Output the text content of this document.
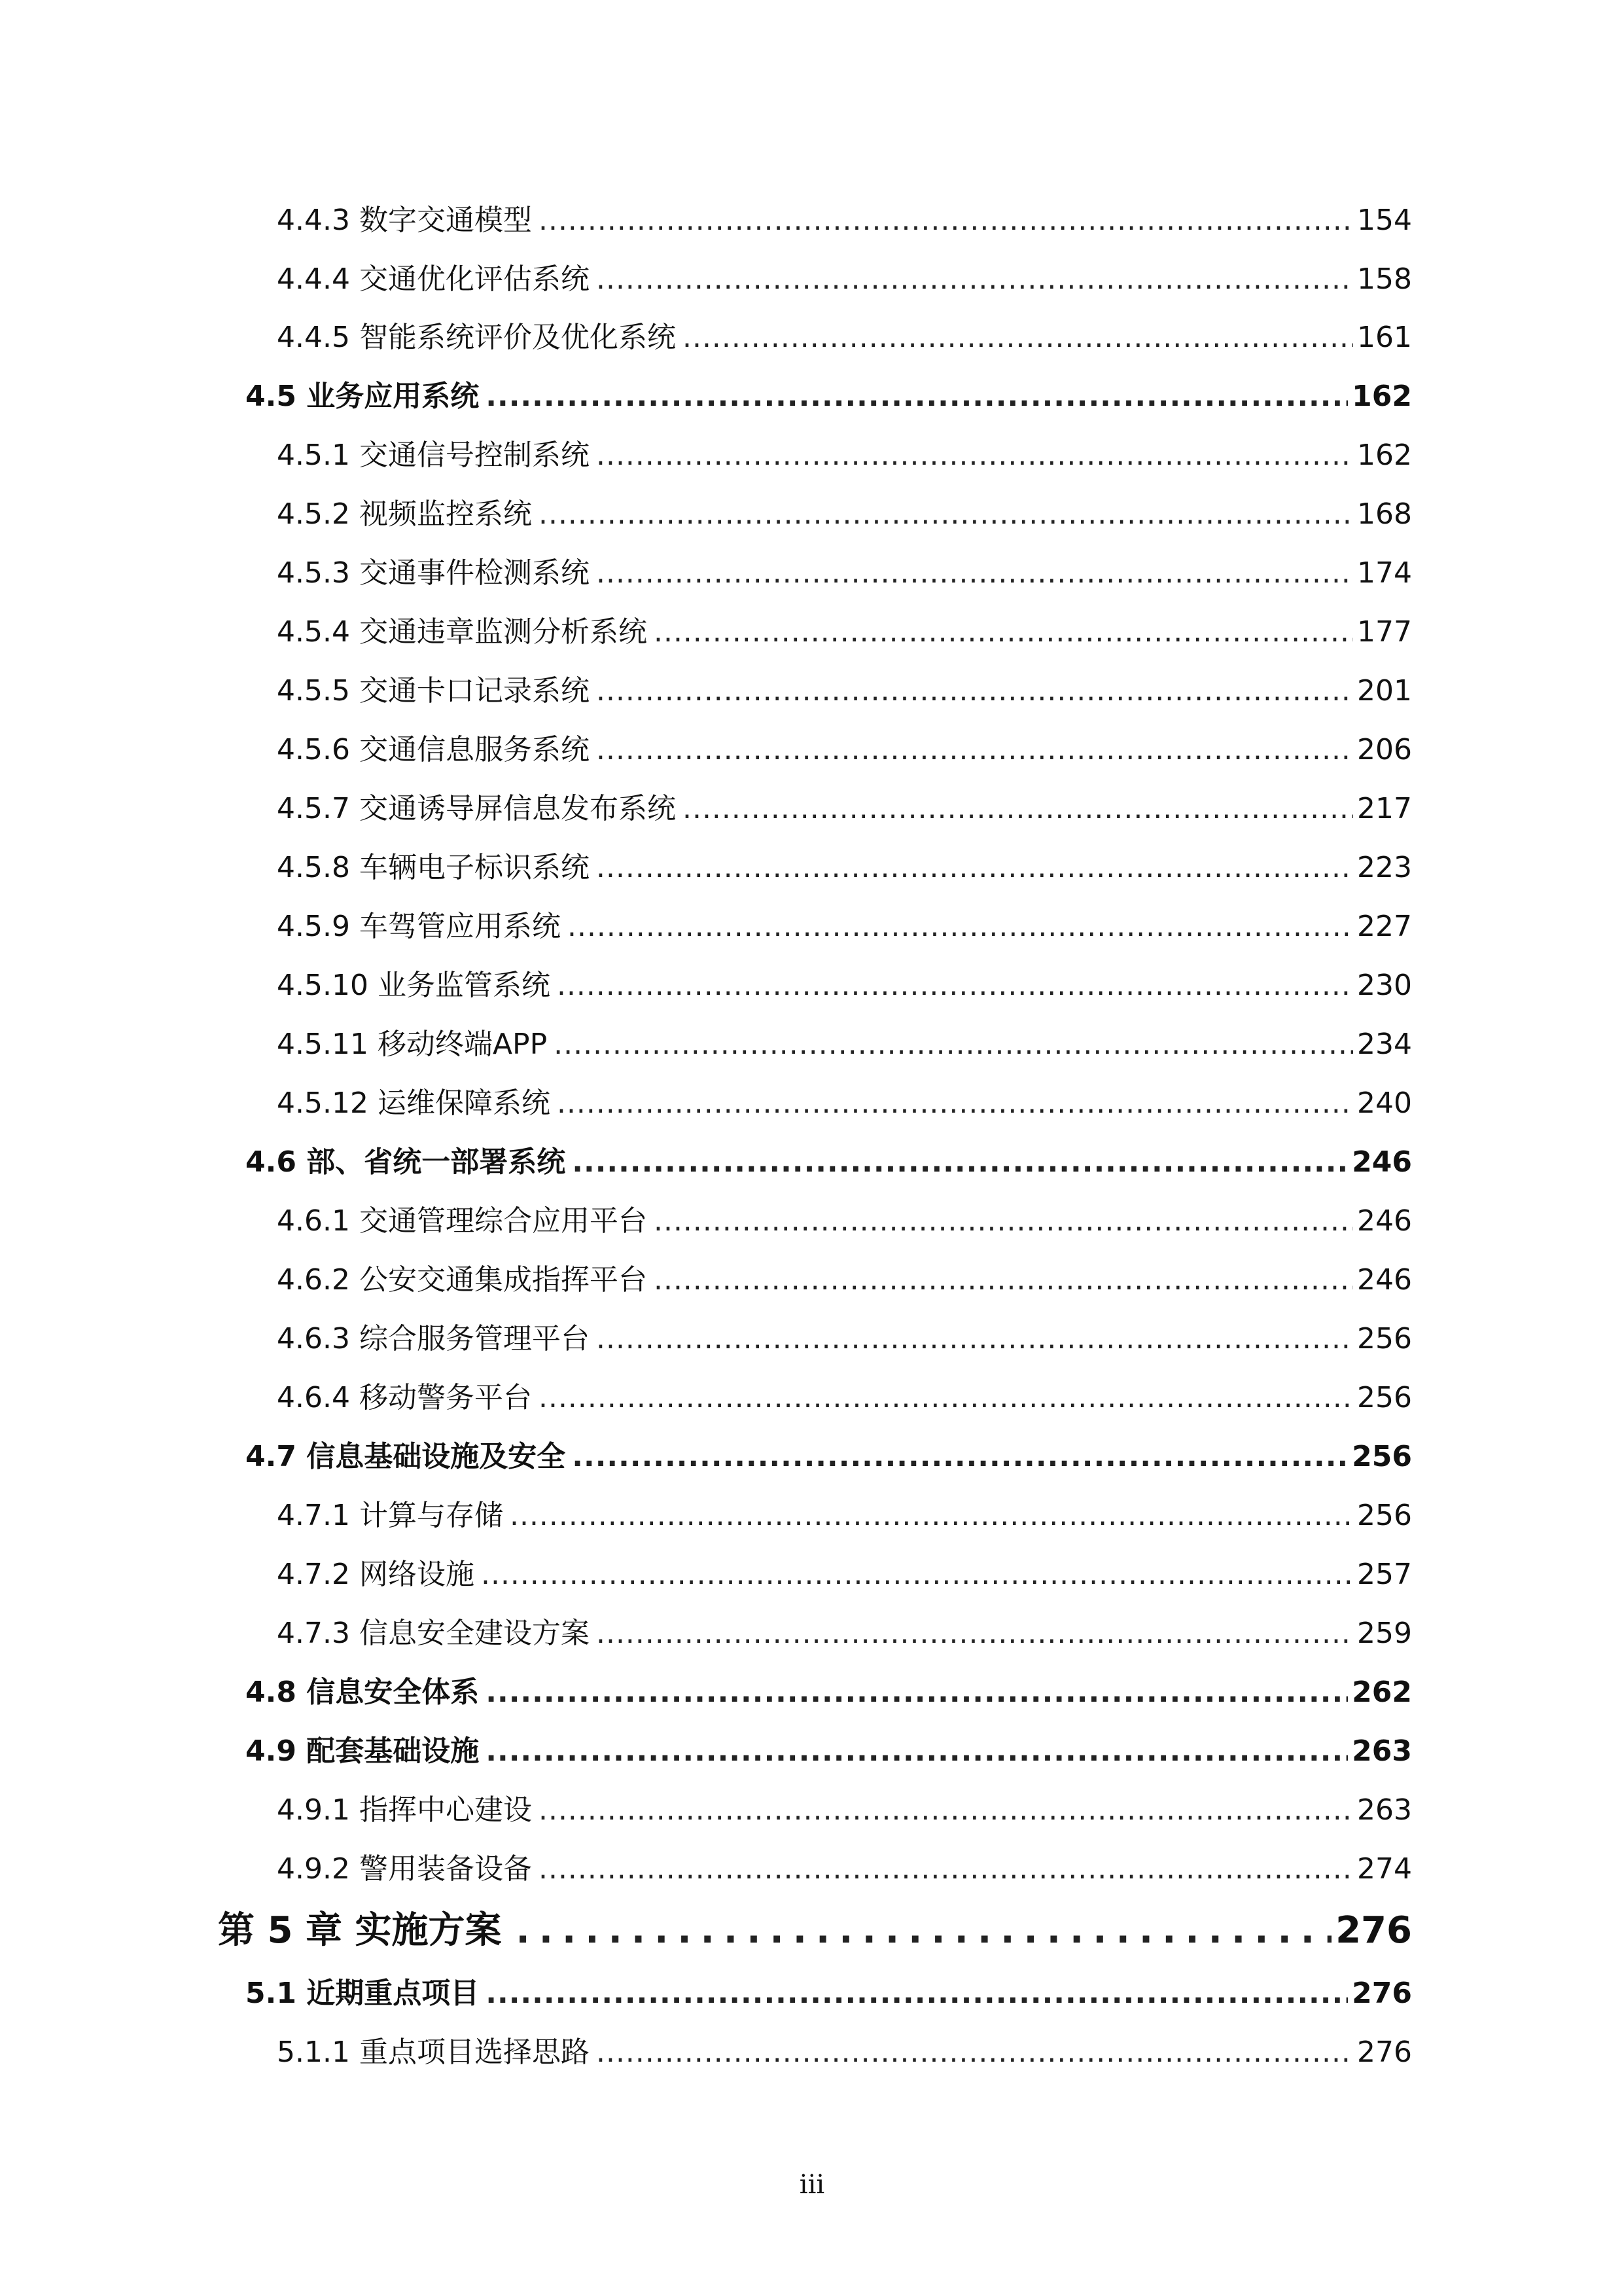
4.4.3 数字交通模型 .....	154
4.4.4 交通优化评估系统 .....	158
4.4.5 智能系统评价及优化系统 .....	161
4.5 业务应用系统 .....	162
4.5.1 交通信号控制系统 .....	162
4.5.2 视频监控系统 .....	168
4.5.3 交通事件检测系统 .....	174
4.5.4 交通违章监测分析系统 .....	177
4.5.5 交通卡口记录系统 .....	201
4.5.6 交通信息服务系统 .....	206
4.5.7 交通诱导屏信息发布系统 .....	217
4.5.8 车辆电子标识系统 .....	223
4.5.9 车驾管应用系统 .....	227
4.5.10 业务监管系统 .....	230
4.5.11 移动终端APP .....	234
4.5.12 运维保障系统 .....	240
4.6 部、省统一部署系统 .....	246
4.6.1 交通管理综合应用平台 .....	246
4.6.2 公安交通集成指挥平台 .....	246
4.6.3 综合服务管理平台 .....	256
4.6.4 移动警务平台 .....	256
4.7 信息基础设施及安全 .....	256
4.7.1 计算与存储 .....	256
4.7.2 网络设施 .....	257
4.7.3 信息安全建设方案 .....	259
4.8 信息安全体系 .....	262
4.9 配套基础设施 .....	263
4.9.1 指挥中心建设 .....	263
4.9.2 警用装备设备 .....	274
第 5 章 实施方案 .....	276
5.1 近期重点项目 .....	276
5.1.1 重点项目选择思路 .....	276
iii
